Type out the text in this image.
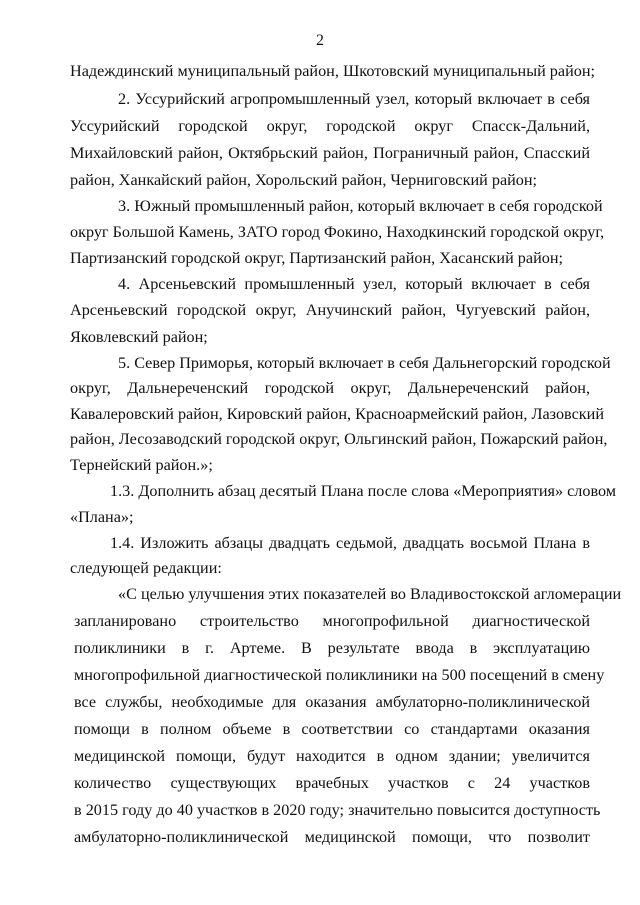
2
Надеждинский муниципальный район, Шкотовский муниципальный район;
2. Уссурийский агропромышленный узел, который включает в себя
Уссурийский городской округ, городской округ Спасск-Дальний,
Михайловский район, Октябрьский район, Пограничный район, Спасский
район, Ханкайский район, Хорольский район, Черниговский район;
3. Южный промышленный район, который включает в себя городской
округ Большой Камень, ЗАТО город Фокино, Находкинский городской округ,
Партизанский городской округ, Партизанский район, Хасанский район;
4. Арсеньевский промышленный узел, который включает в себя
Арсеньевский городской округ, Анучинский район, Чугуевский район,
Яковлевский район;
5. Север Приморья, который включает в себя Дальнегорский городской
округ, Дальнереченский городской округ, Дальнереченский район,
Кавалеровский район, Кировский район, Красноармейский район, Лазовский
район, Лесозаводский городской округ, Ольгинский район, Пожарский район,
Тернейский район.»;
1.3. Дополнить абзац десятый Плана после слова «Мероприятия» словом
«Плана»;
1.4. Изложить абзацы двадцать седьмой, двадцать восьмой Плана в
следующей редакции:
«С целью улучшения этих показателей во Владивостокской агломерации
запланировано строительство многопрофильной диагностической
поликлиники в г. Артеме. В результате ввода в эксплуатацию
многопрофильной диагностической поликлиники на 500 посещений в смену
все службы, необходимые для оказания амбулаторно-поликлинической
помощи в полном объеме в соответствии со стандартами оказания
медицинской помощи, будут находится в одном здании; увеличится
количество существующих врачебных участков с 24 участков
в 2015 году до 40 участков в 2020 году; значительно повысится доступность
амбулаторно-поликлинической медицинской помощи, что позволит
